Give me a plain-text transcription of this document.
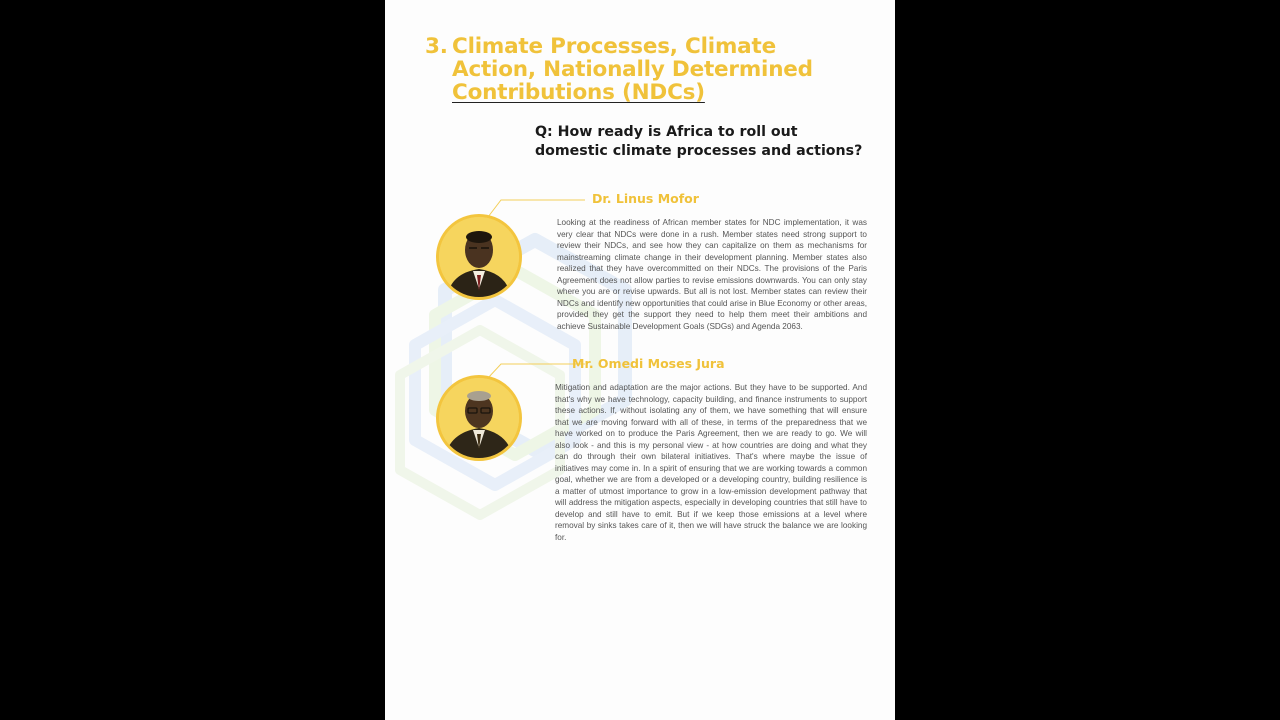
3. Climate Processes, Climate
Action, Nationally Determined
Contributions (NDCs)

Q: How ready is Africa to roll out domestic climate processes and actions?

Dr. Linus Mofor

Looking at the readiness of African member states for NDC implementation, it was very clear that NDCs were done in a rush. Member states need strong support to review their NDCs, and see how they can capitalize on them as mechanisms for mainstreaming climate change in their development planning. Member states also realized that they have overcommitted on their NDCs. The provisions of the Paris Agreement does not allow parties to revise emissions downwards. You can only stay where you are or revise upwards. But all is not lost. Member states can review their NDCs and identify new opportunities that could arise in Blue Economy or other areas, provided they get the support they need to help them meet their ambitions and achieve Sustainable Development Goals (SDGs) and Agenda 2063.

Mr. Omedi Moses Jura

Mitigation and adaptation are the major actions. But they have to be supported. And that's why we have technology, capacity building, and finance instruments to support these actions. If, without isolating any of them, we have something that will ensure that we are moving forward with all of these, in terms of the preparedness that we have worked on to produce the Paris Agreement, then we are ready to go. We will also look - and this is my personal view - at how countries are doing and what they can do through their own bilateral initiatives. That's where maybe the issue of initiatives may come in. In a spirit of ensuring that we are working towards a common goal, whether we are from a developed or a developing country, building resilience is a matter of utmost importance to grow in a low-emission development pathway that will address the mitigation aspects, especially in developing countries that still have to develop and still have to emit. But if we keep those emissions at a level where removal by sinks takes care of it, then we will have struck the balance we are looking for.
